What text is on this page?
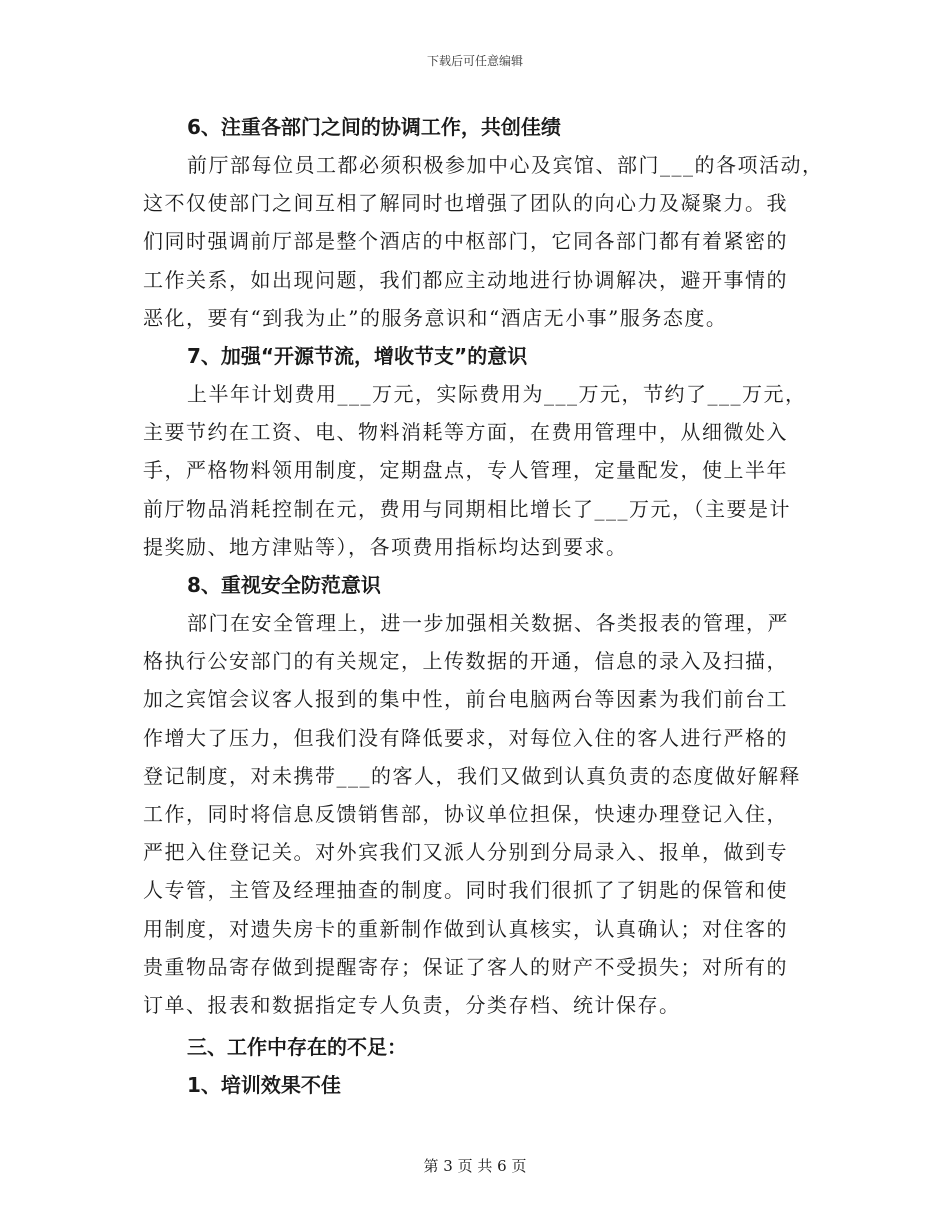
下载后可任意编辑
6、注重各部门之间的协调工作，共创佳绩
前厅部每位员工都必须积极参加中心及宾馆、部门___的各项活动，
这不仅使部门之间互相了解同时也增强了团队的向心力及凝聚力。我
们同时强调前厅部是整个酒店的中枢部门，它同各部门都有着紧密的
工作关系，如出现问题，我们都应主动地进行协调解决，避开事情的
恶化，要有“到我为止”的服务意识和“酒店无小事”服务态度。
7、加强“开源节流，增收节支”的意识
上半年计划费用___万元，实际费用为___万元，节约了___万元，
主要节约在工资、电、物料消耗等方面，在费用管理中，从细微处入
手，严格物料领用制度，定期盘点，专人管理，定量配发，使上半年
前厅物品消耗控制在元，费用与同期相比增长了___万元，（主要是计
提奖励、地方津贴等），各项费用指标均达到要求。
8、重视安全防范意识
部门在安全管理上，进一步加强相关数据、各类报表的管理，严
格执行公安部门的有关规定，上传数据的开通，信息的录入及扫描，
加之宾馆会议客人报到的集中性，前台电脑两台等因素为我们前台工
作增大了压力，但我们没有降低要求，对每位入住的客人进行严格的
登记制度，对未携带___的客人，我们又做到认真负责的态度做好解释
工作，同时将信息反馈销售部，协议单位担保，快速办理登记入住，
严把入住登记关。对外宾我们又派人分别到分局录入、报单，做到专
人专管，主管及经理抽查的制度。同时我们很抓了了钥匙的保管和使
用制度，对遗失房卡的重新制作做到认真核实，认真确认；对住客的
贵重物品寄存做到提醒寄存；保证了客人的财产不受损失；对所有的
订单、报表和数据指定专人负责，分类存档、统计保存。
三、工作中存在的不足：
1、培训效果不佳
第 3 页 共 6 页
